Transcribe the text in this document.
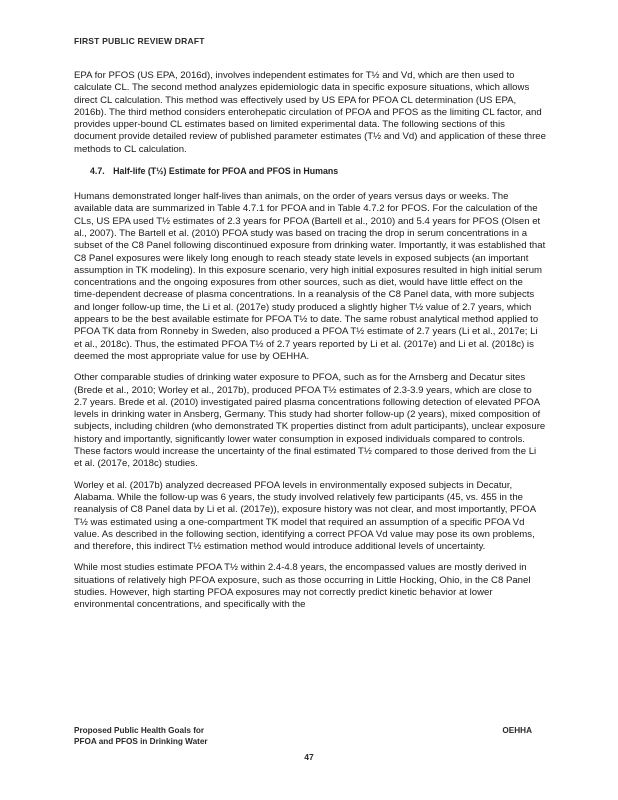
FIRST PUBLIC REVIEW DRAFT

EPA for PFOS (US EPA, 2016d), involves independent estimates for T½ and Vd, which are then used to calculate CL. The second method analyzes epidemiologic data in specific exposure situations, which allows direct CL calculation. This method was effectively used by US EPA for PFOA CL determination (US EPA, 2016b). The third method considers enterohepatic circulation of PFOA and PFOS as the limiting CL factor, and provides upper-bound CL estimates based on limited experimental data. The following sections of this document provide detailed review of published parameter estimates (T½ and Vd) and application of these three methods to CL calculation.

4.7. Half-life (T½) Estimate for PFOA and PFOS in Humans

Humans demonstrated longer half-lives than animals, on the order of years versus days or weeks. The available data are summarized in Table 4.7.1 for PFOA and in Table 4.7.2 for PFOS. For the calculation of the CLs, US EPA used T½ estimates of 2.3 years for PFOA (Bartell et al., 2010) and 5.4 years for PFOS (Olsen et al., 2007). The Bartell et al. (2010) PFOA study was based on tracing the drop in serum concentrations in a subset of the C8 Panel following discontinued exposure from drinking water. Importantly, it was established that C8 Panel exposures were likely long enough to reach steady state levels in exposed subjects (an important assumption in TK modeling). In this exposure scenario, very high initial exposures resulted in high initial serum concentrations and the ongoing exposures from other sources, such as diet, would have little effect on the time-dependent decrease of plasma concentrations. In a reanalysis of the C8 Panel data, with more subjects and longer follow-up time, the Li et al. (2017e) study produced a slightly higher T½ value of 2.7 years, which appears to be the best available estimate for PFOA T½ to date. The same robust analytical method applied to PFOA TK data from Ronneby in Sweden, also produced a PFOA T½ estimate of 2.7 years (Li et al., 2017e; Li et al., 2018c). Thus, the estimated PFOA T½ of 2.7 years reported by Li et al. (2017e) and Li et al. (2018c) is deemed the most appropriate value for use by OEHHA.

Other comparable studies of drinking water exposure to PFOA, such as for the Arnsberg and Decatur sites (Brede et al., 2010; Worley et al., 2017b), produced PFOA T½ estimates of 2.3-3.9 years, which are close to 2.7 years. Brede et al. (2010) investigated paired plasma concentrations following detection of elevated PFOA levels in drinking water in Ansberg, Germany. This study had shorter follow-up (2 years), mixed composition of subjects, including children (who demonstrated TK properties distinct from adult participants), unclear exposure history and importantly, significantly lower water consumption in exposed individuals compared to controls. These factors would increase the uncertainty of the final estimated T½ compared to those derived from the Li et al. (2017e, 2018c) studies.

Worley et al. (2017b) analyzed decreased PFOA levels in environmentally exposed subjects in Decatur, Alabama. While the follow-up was 6 years, the study involved relatively few participants (45, vs. 455 in the reanalysis of C8 Panel data by Li et al. (2017e)), exposure history was not clear, and most importantly, PFOA T½ was estimated using a one-compartment TK model that required an assumption of a specific PFOA Vd value. As described in the following section, identifying a correct PFOA Vd value may pose its own problems, and therefore, this indirect T½ estimation method would introduce additional levels of uncertainty.

While most studies estimate PFOA T½ within 2.4-4.8 years, the encompassed values are mostly derived in situations of relatively high PFOA exposure, such as those occurring in Little Hocking, Ohio, in the C8 Panel studies. However, high starting PFOA exposures may not correctly predict kinetic behavior at lower environmental concentrations, and specifically with the

Proposed Public Health Goals for
PFOA and PFOS in Drinking Water
OEHHA
47
